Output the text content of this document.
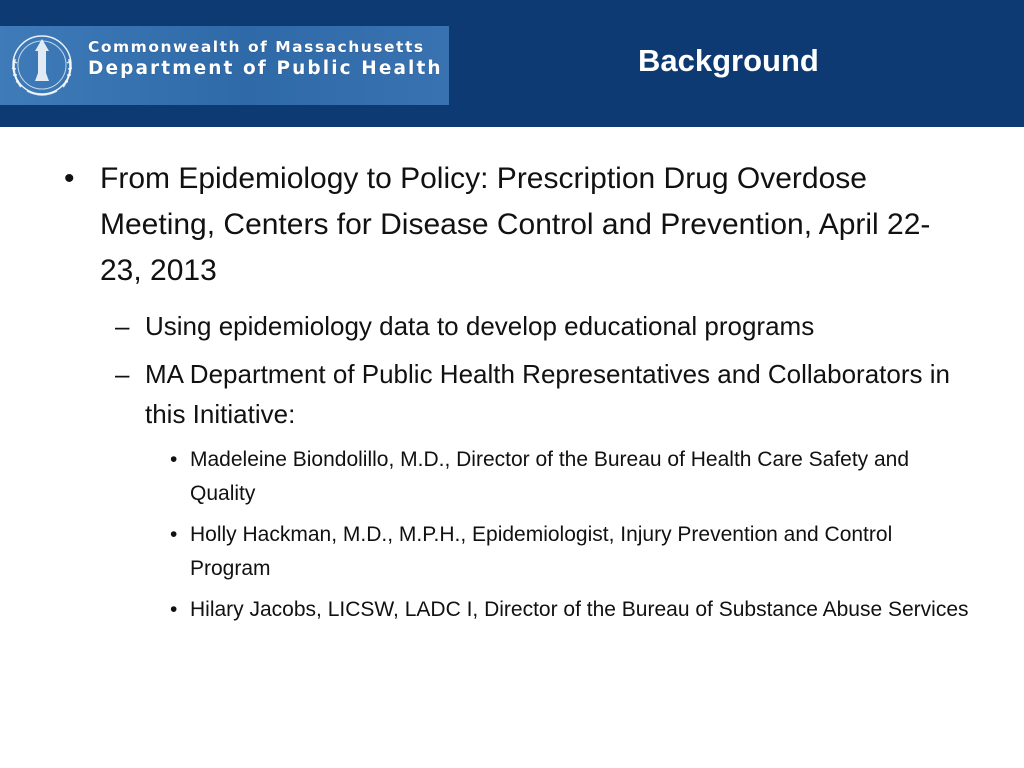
Commonwealth of Massachusetts
Department of Public Health	Background
• From Epidemiology to Policy: Prescription Drug Overdose Meeting, Centers for Disease Control and Prevention, April 22-23, 2013
– Using epidemiology data to develop educational programs
– MA Department of Public Health Representatives and Collaborators in this Initiative:
• Madeleine Biondolillo, M.D., Director of the Bureau of Health Care Safety and Quality
• Holly Hackman, M.D., M.P.H., Epidemiologist, Injury Prevention and Control Program
• Hilary Jacobs, LICSW, LADC I, Director of the Bureau of Substance Abuse Services
